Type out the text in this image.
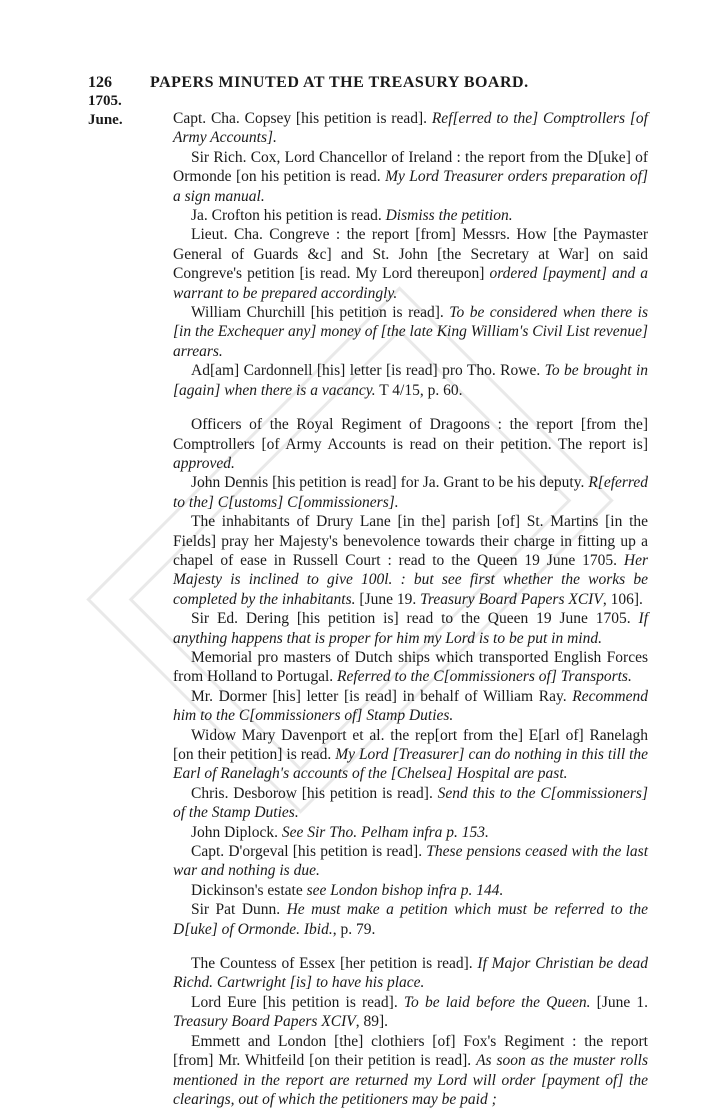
126 PAPERS MINUTED AT THE TREASURY BOARD.
1705.
June.	Capt. Cha. Copsey [his petition is read]. Ref[erred to the] Comptrollers [of Army Accounts].
Sir Rich. Cox, Lord Chancellor of Ireland : the report from the D[uke] of Ormonde [on his petition is read. My Lord Treasurer orders preparation of] a sign manual.
Ja. Crofton his petition is read. Dismiss the petition.
Lieut. Cha. Congreve : the report [from] Messrs. How [the Paymaster General of Guards &c] and St. John [the Secretary at War] on said Congreve's petition [is read. My Lord thereupon] ordered [payment] and a warrant to be prepared accordingly.
William Churchill [his petition is read]. To be considered when there is [in the Exchequer any] money of [the late King William's Civil List revenue] arrears.
Ad[am] Cardonnell [his] letter [is read] pro Tho. Rowe. To be brought in [again] when there is a vacancy. T 4/15, p. 60.
Officers of the Royal Regiment of Dragoons : the report [from the] Comptrollers [of Army Accounts is read on their petition. The report is] approved.
John Dennis [his petition is read] for Ja. Grant to be his deputy. R[eferred to the] C[ustoms] C[ommissioners].
The inhabitants of Drury Lane [in the] parish [of] St. Martins [in the Fields] pray her Majesty's benevolence towards their charge in fitting up a chapel of ease in Russell Court : read to the Queen 19 June 1705. Her Majesty is inclined to give 100l. : but see first whether the works be completed by the inhabitants. [June 19. Treasury Board Papers XCIV, 106].
Sir Ed. Dering [his petition is] read to the Queen 19 June 1705. If anything happens that is proper for him my Lord is to be put in mind.
Memorial pro masters of Dutch ships which transported English Forces from Holland to Portugal. Referred to the C[ommissioners of] Transports.
Mr. Dormer [his] letter [is read] in behalf of William Ray. Recommend him to the C[ommissioners of] Stamp Duties.
Widow Mary Davenport et al. the rep[ort from the] E[arl of] Ranelagh [on their petition] is read. My Lord [Treasurer] can do nothing in this till the Earl of Ranelagh's accounts of the [Chelsea] Hospital are past.
Chris. Desborow [his petition is read]. Send this to the C[ommissioners] of the Stamp Duties.
John Diplock. See Sir Tho. Pelham infra p. 153.
Capt. D'orgeval [his petition is read]. These pensions ceased with the last war and nothing is due.
Dickinson's estate see London bishop infra p. 144.
Sir Pat Dunn. He must make a petition which must be referred to the D[uke] of Ormonde. Ibid., p. 79.
The Countess of Essex [her petition is read]. If Major Christian be dead Richd. Cartwright [is] to have his place.
Lord Eure [his petition is read]. To be laid before the Queen. [June 1. Treasury Board Papers XCIV, 89].
Emmett and London [the] clothiers [of] Fox's Regiment : the report [from] Mr. Whitfeild [on their petition is read]. As soon as the muster rolls mentioned in the report are returned my Lord will order [payment of] the clearings, out of which the petitioners may be paid ;
